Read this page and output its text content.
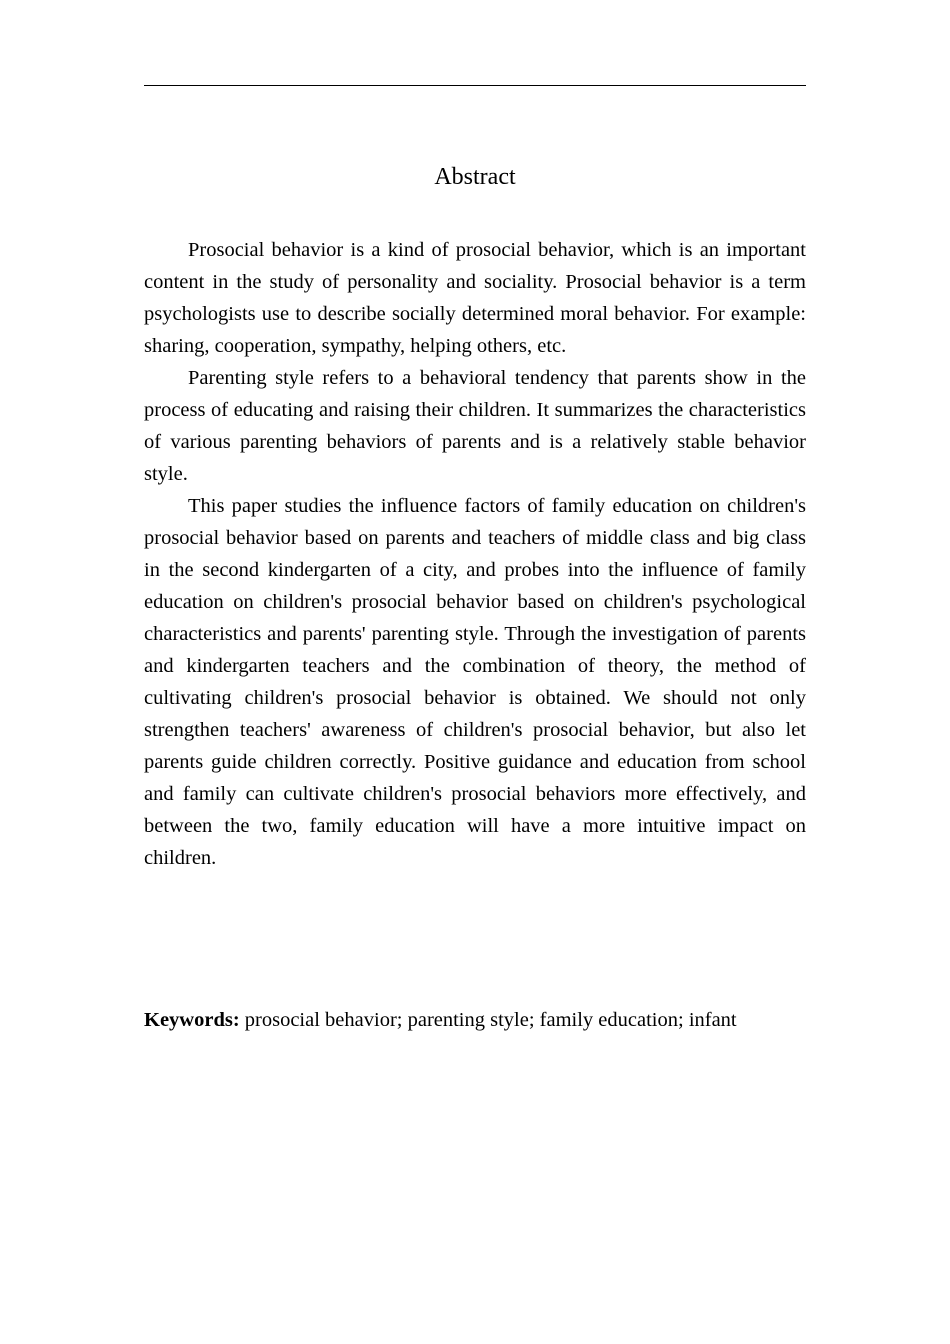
Abstract

Prosocial behavior is a kind of prosocial behavior, which is an important content in the study of personality and sociality. Prosocial behavior is a term psychologists use to describe socially determined moral behavior. For example: sharing, cooperation, sympathy, helping others, etc.

Parenting style refers to a behavioral tendency that parents show in the process of educating and raising their children. It summarizes the characteristics of various parenting behaviors of parents and is a relatively stable behavior style.

This paper studies the influence factors of family education on children's prosocial behavior based on parents and teachers of middle class and big class in the second kindergarten of a city, and probes into the influence of family education on children's prosocial behavior based on children's psychological characteristics and parents' parenting style. Through the investigation of parents and kindergarten teachers and the combination of theory, the method of cultivating children's prosocial behavior is obtained. We should not only strengthen teachers' awareness of children's prosocial behavior, but also let parents guide children correctly. Positive guidance and education from school and family can cultivate children's prosocial behaviors more effectively, and between the two, family education will have a more intuitive impact on children.

Keywords: prosocial behavior; parenting style; family education; infant
